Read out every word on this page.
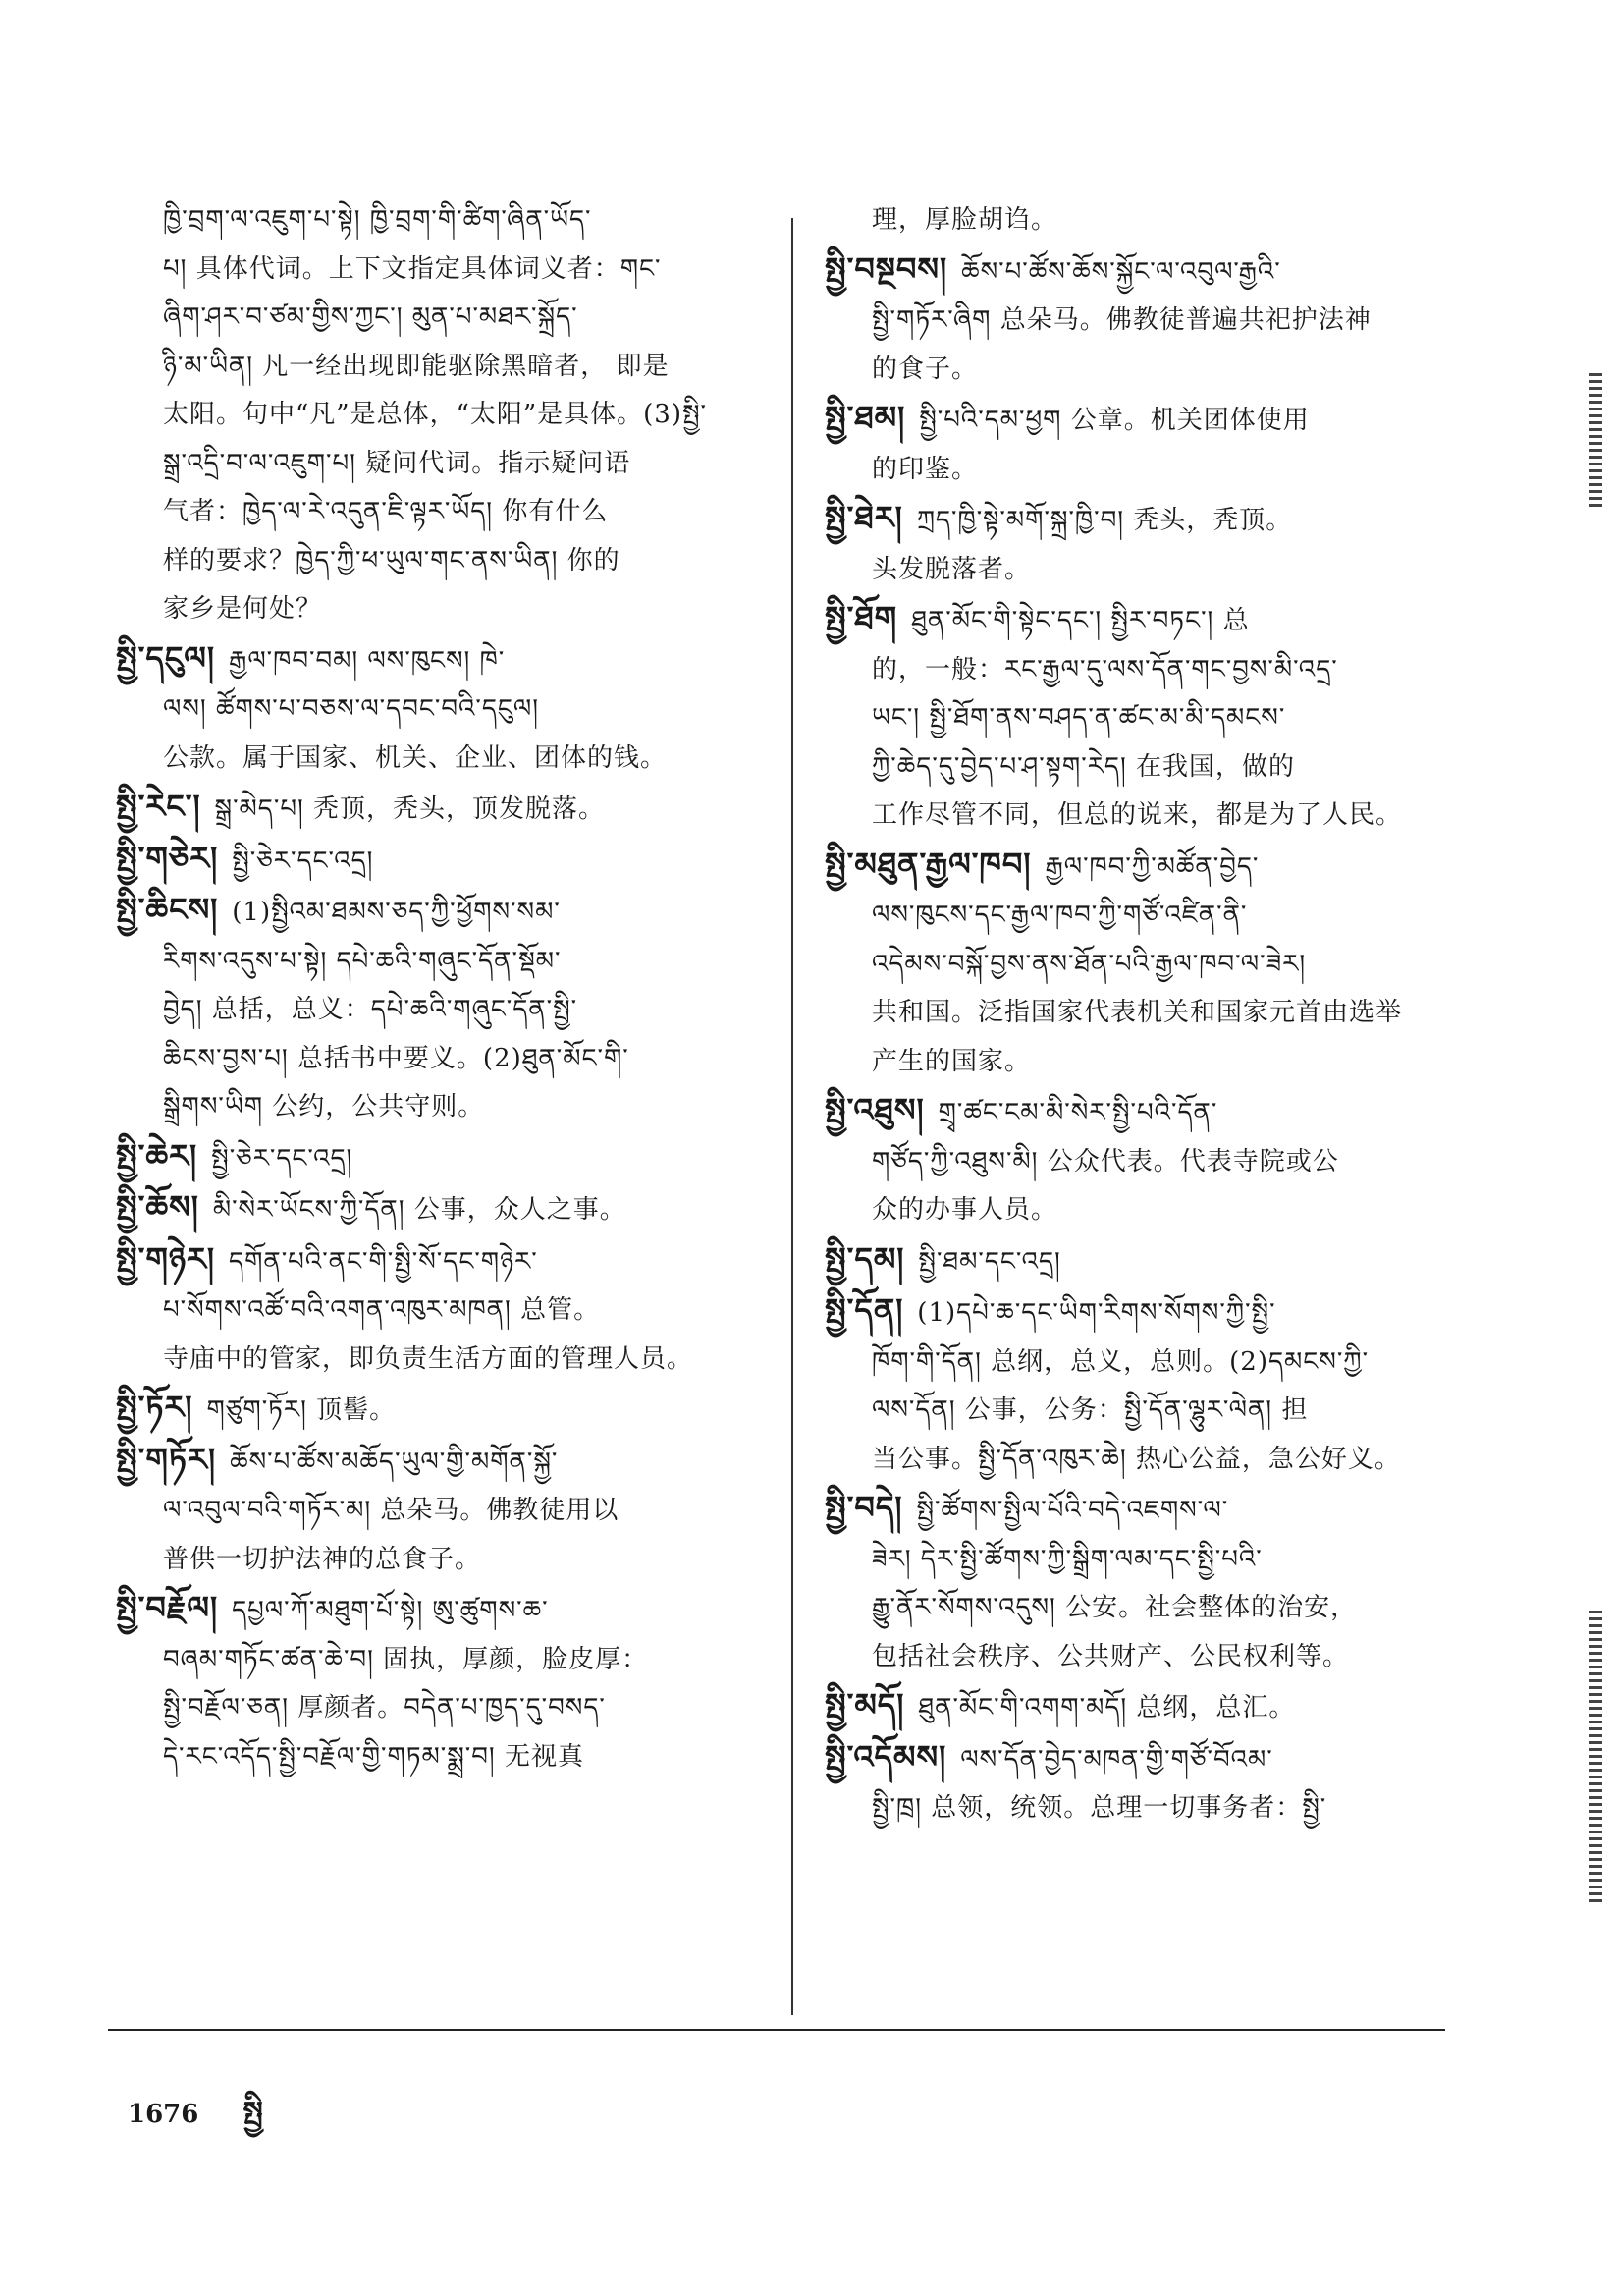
ཁྱི་བྲག་ལ་འཇུག་པ་སྟེ། ཁྱི་བྲག་གི་ཚིག་ཞིན་ཡོད་
པ། 具体代词。上下文指定具体词义者：གང་
ཞིག་ཤར་བ་ཙམ་གྱིས་ཀྱང་། མུན་པ་མཐར་སྐྲོད་
ཉི་མ་ཡིན། 凡一经出现即能驱除黑暗者， 即是
太阳。句中“凡”是总体，“太阳”是具体。(3)སྤྱི་
སྒྲ་འདྲི་བ་ལ་འཇུག་པ། 疑问代词。指示疑问语
气者：ཁྱེད་ལ་རེ་འདུན་ཇི་ལྟར་ཡོད། 你有什么
样的要求？ཁྱེད་ཀྱི་ཕ་ཡུལ་གང་ནས་ཡིན། 你的
家乡是何处？
སྤྱི་དངུལ། རྒྱལ་ཁབ་བམ། ལས་ཁུངས། ཁེ་
ལས། ཚོགས་པ་བཅས་ལ་དབང་བའི་དངུལ།
公款。属于国家、机关、企业、团体的钱。
སྤྱི་རེང་། སྒྲ་མེད་པ། 秃顶，秃头，顶发脱落。
སྤྱི་གཅེར། སྤྱི་ཅེར་དང་འདྲ།
སྤྱི་ཆིངས། (1)སྤྱིའམ་ཐམས་ཅད་ཀྱི་ཕྱོགས་སམ་
རིགས་འདུས་པ་སྟེ། དཔེ་ཆའི་གཞུང་དོན་སྡོམ་
བྱེད། 总括，总义：དཔེ་ཆའི་གཞུང་དོན་སྤྱི་
ཆིངས་བྱས་པ། 总括书中要义。(2)ཐུན་མོང་གི་
སྒྲིགས་ཡིག 公约，公共守则。
སྤྱི་ཆེར། སྤྱི་ཅེར་དང་འདྲ།
སྤྱི་ཆོས། མི་སེར་ཡོངས་ཀྱི་དོན། 公事，众人之事。
སྤྱི་གཉེར། དགོན་པའི་ནང་གི་སྤྱི་སོ་དང་གཉེར་
པ་སོགས་འཚོ་བའི་འགན་འཁུར་མཁན། 总管。
寺庙中的管家，即负责生活方面的管理人员。
སྤྱི་ཏོར། གཙུག་ཏོར། 顶髻。
སྤྱི་གཏོར། ཆོས་པ་ཚོས་མཆོད་ཡུལ་གྱི་མགོན་སྐྱོ་
ལ་འབུལ་བའི་གཏོར་མ། 总朵马。佛教徒用以
普供一切护法神的总食子。
སྤྱི་བརྗོལ། དཔྱལ་ཀོ་མཐུག་པོ་སྟེ། ཨུ་ཚུགས་ཆ་
བཞམ་གཏོང་ཚན་ཆེ་བ། 固执，厚颜，脸皮厚：
སྤྱི་བརྗོལ་ཅན། 厚颜者。བདེན་པ་ཁྱད་དུ་བསད་
དེ་རང་འདོད་སྤྱི་བརྗོལ་གྱི་གཏམ་སྨྲ་བ། 无视真
理，厚脸胡诌。
སྤྱི་བསྔབས། ཆོས་པ་ཚོས་ཆོས་སྐྱོང་ལ་འབུལ་རྒྱའི་
སྤྱི་གཏོར་ཞིག 总朵马。佛教徒普遍共祀护法神
的食子。
སྤྱི་ཐམ། སྤྱི་པའི་དམ་ཕྱག 公章。机关团体使用
的印鉴。
སྤྱི་ཐེར། ཀྲད་ཁྱི་སྟེ་མགོ་སྐྲ་ཁྱི་བ། 秃头，秃顶。
头发脱落者。
སྤྱི་ཐོག ཐུན་མོང་གི་སྟེང་དང་། སྤྱིར་བཏང་། 总
的，一般：རང་རྒྱལ་དུ་ལས་དོན་གང་བྱས་མི་འདྲ་
ཡང་། སྤྱི་ཐོག་ནས་བཤད་ན་ཚང་མ་མི་དམངས་
ཀྱི་ཆེད་དུ་བྱེད་པ་ཤ་སྟག་རེད། 在我国，做的
工作尽管不同，但总的说来，都是为了人民。
སྤྱི་མཐུན་རྒྱལ་ཁབ། རྒྱལ་ཁབ་ཀྱི་མཚོན་བྱེད་
ལས་ཁུངས་དང་རྒྱལ་ཁབ་ཀྱི་གཙོ་འཛིན་ནི་
འདེམས་བསྐོ་བྱས་ནས་ཐོན་པའི་རྒྱལ་ཁབ་ལ་ཟེར།
共和国。泛指国家代表机关和国家元首由选举
产生的国家。
སྤྱི་འཐུས། གྲྭ་ཚང་ངམ་མི་སེར་སྤྱི་པའི་དོན་
གཙོད་ཀྱི་འཐུས་མི། 公众代表。代表寺院或公
众的办事人员。
སྤྱི་དམ། སྤྱི་ཐམ་དང་འདྲ།
སྤྱི་དོན། (1)དཔེ་ཆ་དང་ཡིག་རིགས་སོགས་ཀྱི་སྤྱི་
ཁོག་གི་དོན། 总纲，总义，总则。(2)དམངས་ཀྱི་
ལས་དོན། 公事，公务：སྤྱི་དོན་ལྷུར་ལེན། 担
当公事。སྤྱི་དོན་འཁུར་ཆེ། 热心公益，急公好义。
སྤྱི་བདེ། སྤྱི་ཚོགས་སྤྱིལ་པོའི་བདེ་འཇགས་ལ་
ཟེར། དེར་སྤྱི་ཚོགས་ཀྱི་སྒྲིག་ལམ་དང་སྤྱི་པའི་
རྒྱུ་ནོར་སོགས་འདུས། 公安。社会整体的治安，
包括社会秩序、公共财产、公民权利等。
སྤྱི་མདོ། ཐུན་མོང་གི་འགག་མདོ། 总纲，总汇。
སྤྱི་འདོམས། ལས་དོན་བྱེད་མཁན་གྱི་གཙོ་བོའམ་
སྤྱི་ཁྲ། 总领，统领。总理一切事务者：སྤྱི་
1676 སྤྱི
